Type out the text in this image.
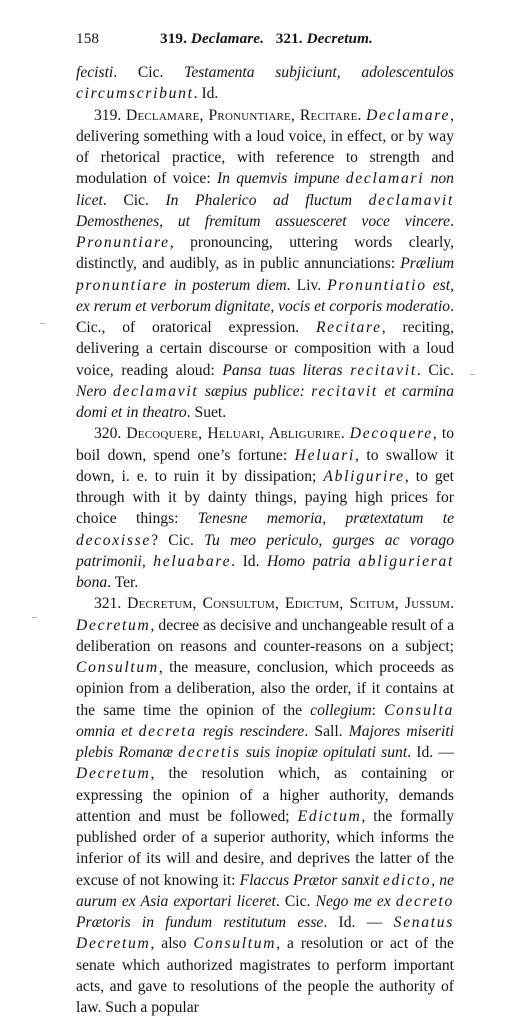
158	319. Declamare. 321. Decretum.

fecisti. Cic. Testamenta subjiciunt, adolescentulos circumscribunt. Id.

319. Declamare, Pronuntiare, Recitare. Declamare, delivering something with a loud voice, in effect, or by way of rhetorical practice, with reference to strength and modulation of voice: In quemvis impune declamari non licet. Cic. In Phalerico ad fluctum declamavit Demosthenes, ut fremitum assuesceret voce vincere. Pronuntiare, pronouncing, uttering words clearly, distinctly, and audibly, as in public annunciations: Prælium pronuntiare in posterum diem. Liv. Pronuntiatio est, ex rerum et verborum dignitate, vocis et corporis moderatio. Cic., of oratorical expression. Recitare, reciting, delivering a certain discourse or composition with a loud voice, reading aloud: Pansa tuas literas recitavit. Cic. Nero declamavit sæpius publice: recitavit et carmina domi et in theatro. Suet.

320. Decoquere, Heluari, Abligurire. Decoquere, to boil down, spend one’s fortune: Heluari, to swallow it down, i. e. to ruin it by dissipation; Abligurire, to get through with it by dainty things, paying high prices for choice things: Tenesne memoria, prætextatum te decoxisse? Cic. Tu meo periculo, gurges ac vorago patrimonii, heluabare. Id. Homo patria abligurierat bona. Ter.

321. Decretum, Consultum, Edictum, Scitum, Jussum. Decretum, decree as decisive and unchangeable result of a deliberation on reasons and counter-reasons on a subject; Consultum, the measure, conclusion, which proceeds as opinion from a deliberation, also the order, if it contains at the same time the opinion of the collegium: Consulta omnia et decreta regis rescindere. Sall. Majores miseriti plebis Romanæ decretis suis inopiæ opitulati sunt. Id. — Decretum, the resolution which, as containing or expressing the opinion of a higher authority, demands attention and must be followed; Edictum, the formally published order of a superior authority, which informs the inferior of its will and desire, and deprives the latter of the excuse of not knowing it: Flaccus Prætor sanxit edicto, ne aurum ex Asia exportari liceret. Cic. Nego me ex decreto Prætoris in fundum restitutum esse. Id. — Senatus Decretum, also Consultum, a resolution or act of the senate which authorized magistrates to perform important acts, and gave to resolutions of the people the authority of law. Such a popular
